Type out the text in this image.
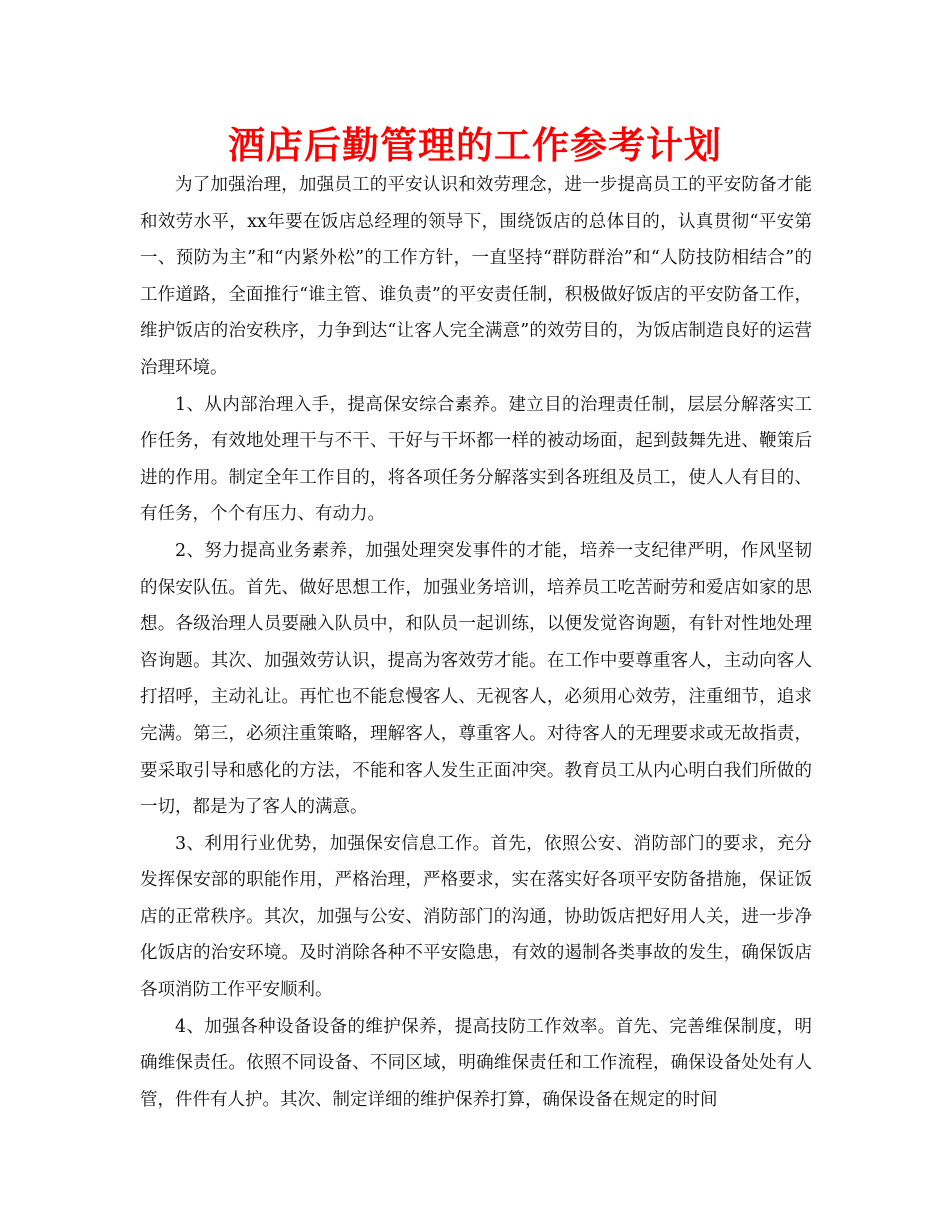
酒店后勤管理的工作参考计划

为了加强治理，加强员工的平安认识和效劳理念，进一步提高员工的平安防备才能和效劳水平，xx年要在饭店总经理的领导下，围绕饭店的总体目的，认真贯彻“平安第一、预防为主”和“内紧外松”的工作方针，一直坚持“群防群治”和“人防技防相结合”的工作道路，全面推行“谁主管、谁负责”的平安责任制，积极做好饭店的平安防备工作，维护饭店的治安秩序，力争到达“让客人完全满意”的效劳目的，为饭店制造良好的运营治理环境。

1、从内部治理入手，提高保安综合素养。建立目的治理责任制，层层分解落实工作任务，有效地处理干与不干、干好与干坏都一样的被动场面，起到鼓舞先进、鞭策后进的作用。制定全年工作目的，将各项任务分解落实到各班组及员工，使人人有目的、有任务，个个有压力、有动力。

2、努力提高业务素养，加强处理突发事件的才能，培养一支纪律严明，作风坚韧的保安队伍。首先、做好思想工作，加强业务培训，培养员工吃苦耐劳和爱店如家的思想。各级治理人员要融入队员中，和队员一起训练，以便发觉咨询题，有针对性地处理咨询题。其次、加强效劳认识，提高为客效劳才能。在工作中要尊重客人，主动向客人打招呼，主动礼让。再忙也不能怠慢客人、无视客人，必须用心效劳，注重细节，追求完满。第三，必须注重策略，理解客人，尊重客人。对待客人的无理要求或无故指责，要采取引导和感化的方法，不能和客人发生正面冲突。教育员工从内心明白我们所做的一切，都是为了客人的满意。

3、利用行业优势，加强保安信息工作。首先，依照公安、消防部门的要求，充分发挥保安部的职能作用，严格治理，严格要求，实在落实好各项平安防备措施，保证饭店的正常秩序。其次，加强与公安、消防部门的沟通，协助饭店把好用人关，进一步净化饭店的治安环境。及时消除各种不平安隐患，有效的遏制各类事故的发生，确保饭店各项消防工作平安顺利。

4、加强各种设备设备的维护保养，提高技防工作效率。首先、完善维保制度，明确维保责任。依照不同设备、不同区域，明确维保责任和工作流程，确保设备处处有人管，件件有人护。其次、制定详细的维护保养打算，确保设备在规定的时间
